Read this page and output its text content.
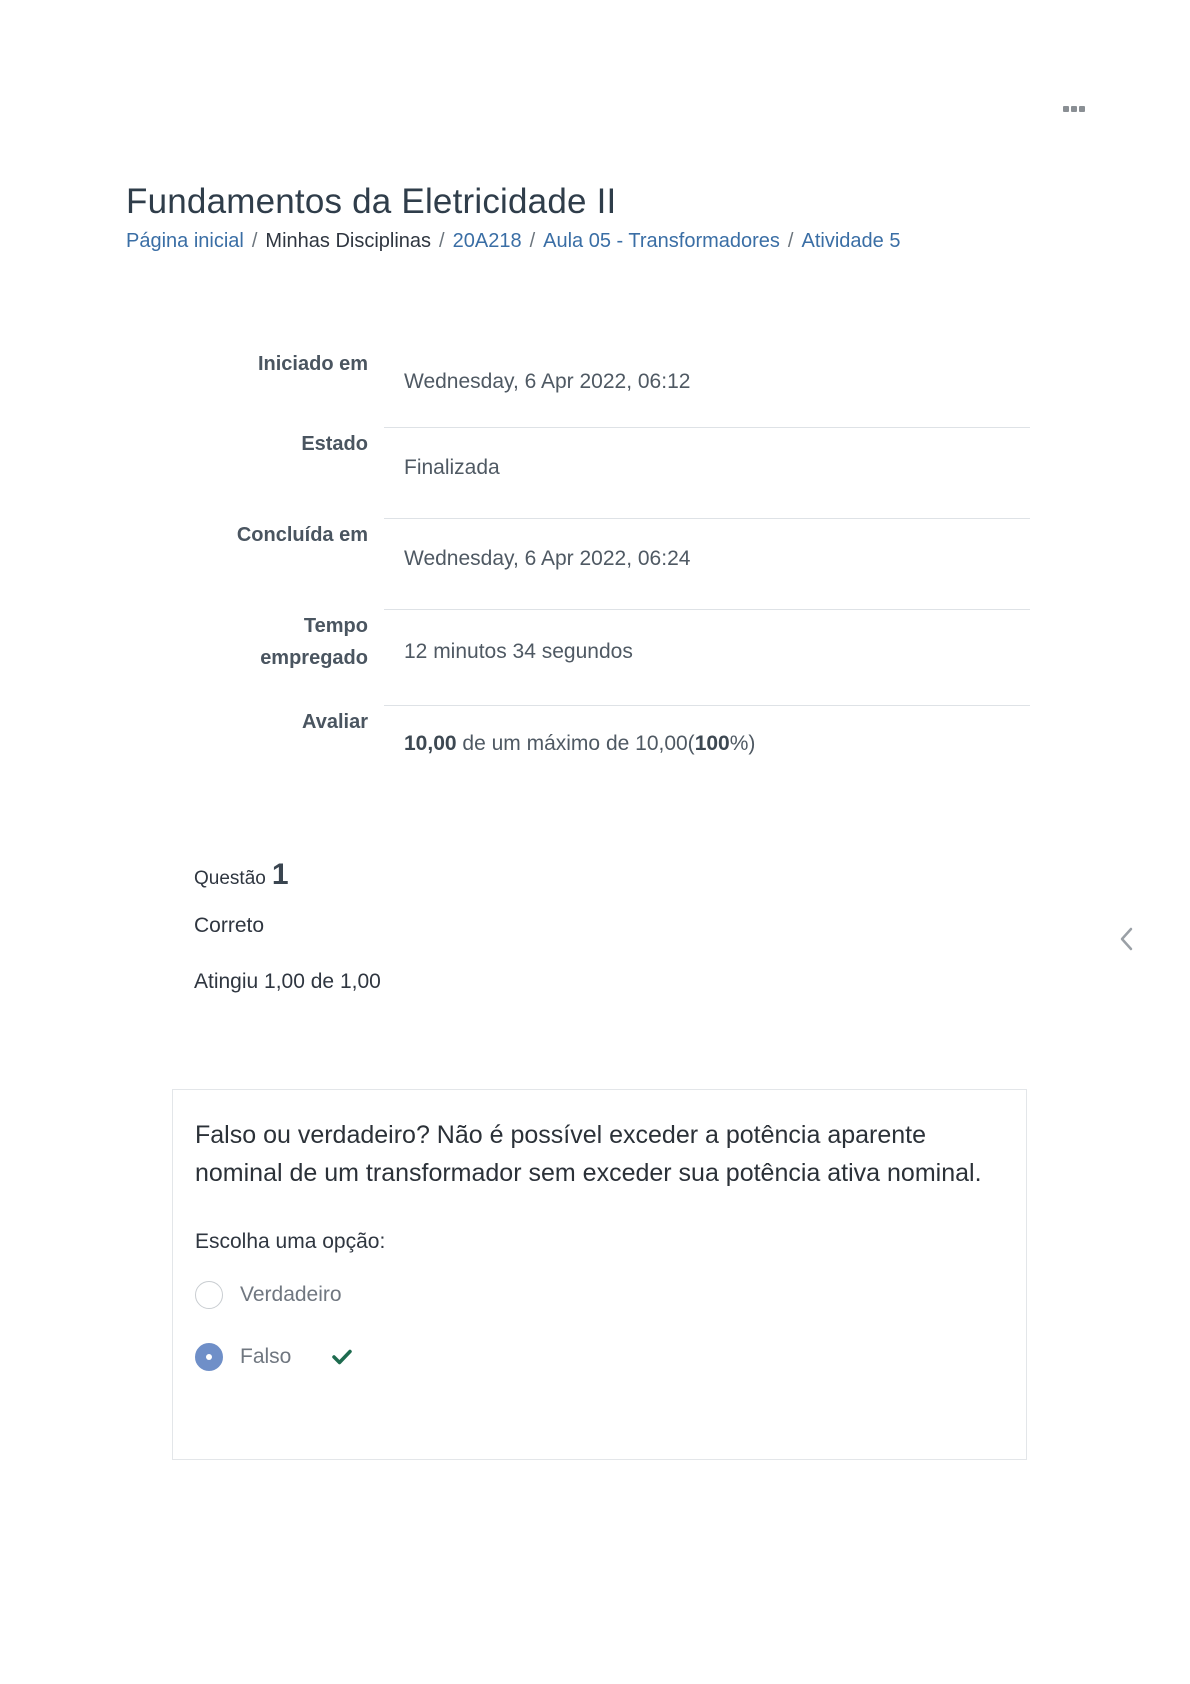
Fundamentos da Eletricidade II
Página inicial / Minhas Disciplinas / 20A218 / Aula 05 - Transformadores / Atividade 5
Iniciado em
Wednesday, 6 Apr 2022, 06:12
Estado
Finalizada
Concluída em
Wednesday, 6 Apr 2022, 06:24
Tempo
empregado 12 minutos 34 segundos
Avaliar
10,00 de um máximo de 10,00(100%)
Questão 1
Correto
Atingiu 1,00 de 1,00

Falso ou verdadeiro? Não é possível exceder a potência aparente nominal de um transformador sem exceder sua potência ativa nominal.

Escolha uma opção:
Verdadeiro
Falso
